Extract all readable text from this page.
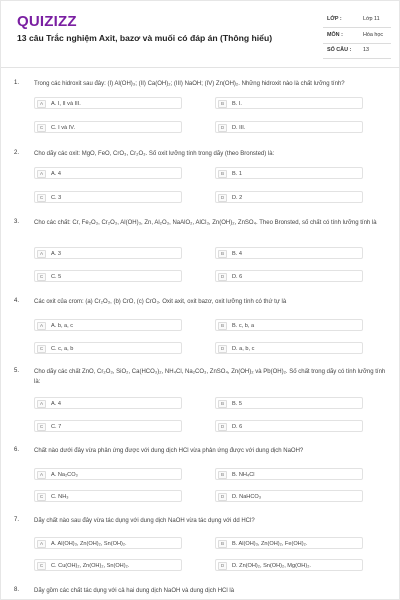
QUIZIZZ
13 câu Trắc nghiệm Axit, bazơ và muối có đáp án (Thông hiểu)
LỚP :	Lớp 11
MÔN :	Hóa học
SỐ CÂU : 13
1. Trong các hidroxit sau đây: (I) Al(OH)₃; (II) Ca(OH)₂; (III) NaOH; (IV) Zn(OH)₂. Những hidroxit nào là chất lưỡng tính?
A	A. I, II và III.	B	B. I.
C	C. I và IV.	D	D. III.
2. Cho dãy các oxit: MgO, FeO, CrO₃, Cr₂O₃. Số oxit lưỡng tính trong dãy (theo Bronsted) là:
A	A. 4	B	B. 1
C	C. 3	D	D. 2
3. Cho các chất: Cr, Fe₂O₃, Cr₂O₃, Al(OH)₃, Zn, Al₂O₃, NaAlO₂, AlCl₃, Zn(OH)₂, ZnSO₄. Theo Bronsted, số chất có tính lưỡng tính là
A	A. 3	B	B. 4
C	C. 5	D	D. 6
4. Các oxit của crom: (a) Cr₂O₃, (b) CrO, (c) CrO₃. Oxit axit, oxit bazơ, oxit lưỡng tính có thứ tự là
A	A. b, a, c	B	B. c, b, a
C	C. c, a, b	D	D. a, b, c
5. Cho dãy các chất ZnO, Cr₂O₃, SiO₂, Ca(HCO₃)₂, NH₄Cl, Na₂CO₃, ZnSO₄, Zn(OH)₂ và Pb(OH)₂. Số chất trong dãy có tính lưỡng tính là:
A	A. 4	B	B. 5
C	C. 7	D	D. 6
6. Chất nào dưới đây vừa phản ứng được với dung dịch HCl vừa phản ứng được với dung dịch NaOH?
A	A. Na₂CO₃	B	B. NH₄Cl
C	C. NH₃	D	D. NaHCO₃
7. Dãy chất nào sau đây vừa tác dụng với dung dịch NaOH vừa tác dụng với dd HCl?
A	A. Al(OH)₃, Zn(OH)₂, Sn(OH)₂.	B	B. Al(OH)₃, Zn(OH)₂, Fe(OH)₂.
C	C. Cu(OH)₂, Zn(OH)₂, Sn(OH)₂.	D	D. Zn(OH)₂, Sn(OH)₂, Mg(OH)₂.
8. Dãy gồm các chất tác dụng với cả hai dung dịch NaOH và dung dịch HCl là
